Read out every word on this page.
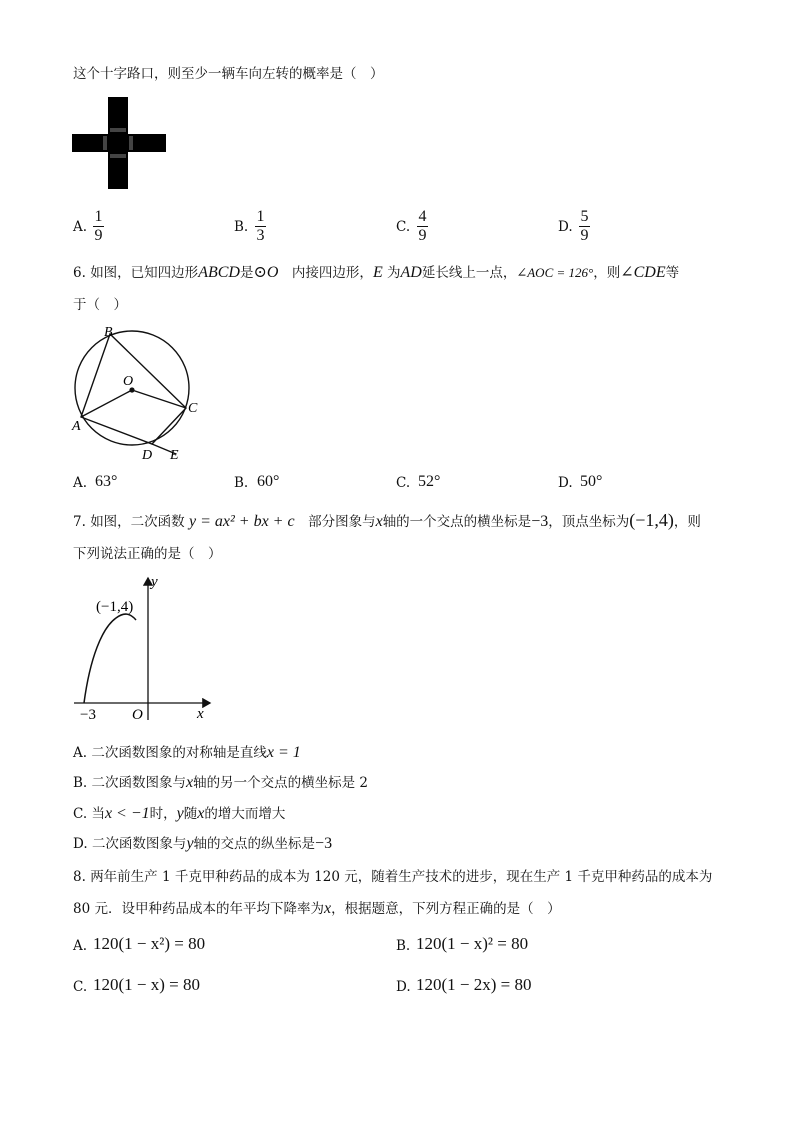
这个十字路口，则至少一辆车向左转的概率是（　）
A.
1
9	B.
1
3	C.
4
9	D.
5
9
6. 如图，已知四边形ABCD是⊙O　内接四边形，E 为AD延长线上一点，∠AOC = 126°，则∠CDE等
于（　）
B
O
C
A
D E
A. 63°	B. 60°	C. 52°	D. 50°
7. 如图，二次函数 y = ax² + bx + c　部分图象与x轴的一个交点的横坐标是−3，顶点坐标为(−1,4)，则
下列说法正确的是（　）
y
(−1,4)
−3 O	x
A. 二次函数图象的对称轴是直线x = 1
B. 二次函数图象与x轴的另一个交点的横坐标是 2
C. 当x < −1时，y随x的增大而增大
D. 二次函数图象与y轴的交点的纵坐标是−3
8. 两年前生产 1 千克甲种药品的成本为 120 元，随着生产技术的进步，现在生产 1 千克甲种药品的成本为
80 元．设甲种药品成本的年平均下降率为x，根据题意，下列方程正确的是（　）
A. 120(1 − x²) = 80	B. 120(1 − x)² = 80
C. 120(1 − x) = 80	D. 120(1 − 2x) = 80
